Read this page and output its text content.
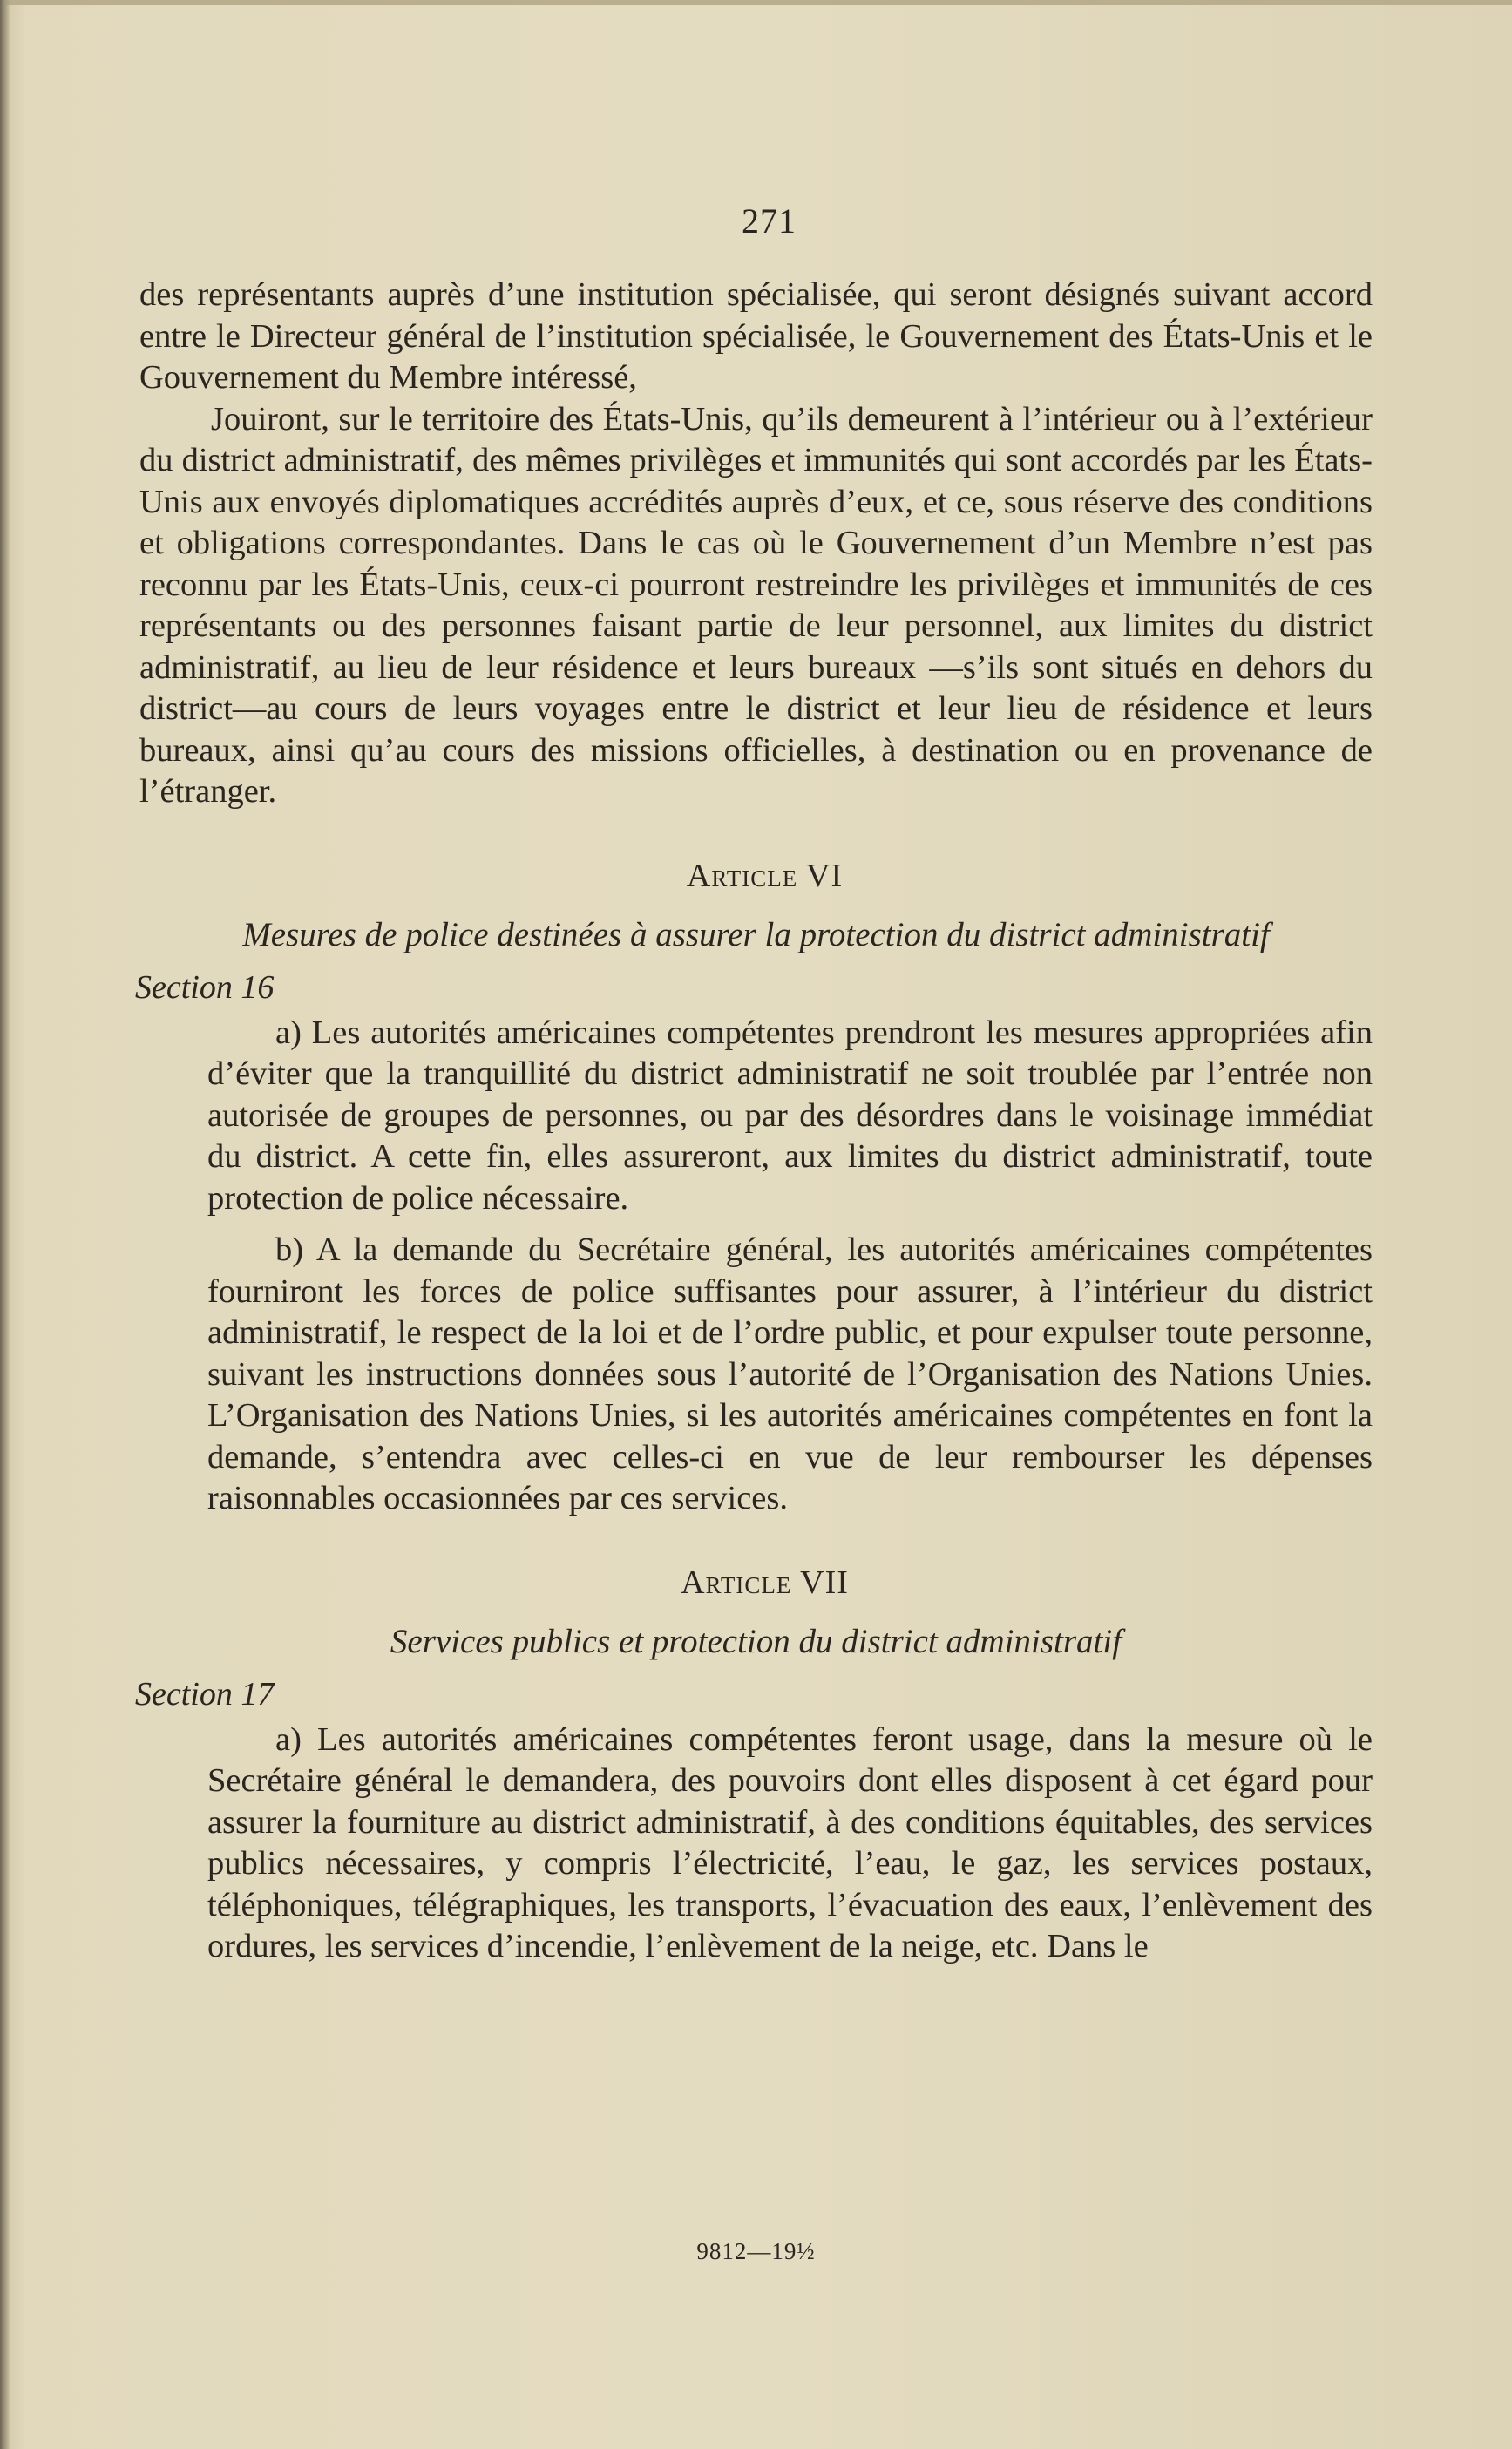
271

des représentants auprès d’une institution spécialisée, qui seront désignés suivant accord entre le Directeur général de l’institution spécialisée, le Gouvernement des États-Unis et le Gouvernement du Membre intéressé,

Jouiront, sur le territoire des États-Unis, qu’ils demeurent à l’intérieur ou à l’extérieur du district administratif, des mêmes privilèges et immunités qui sont accordés par les États-Unis aux envoyés diplomatiques accrédités auprès d’eux, et ce, sous réserve des conditions et obligations correspondantes. Dans le cas où le Gouvernement d’un Membre n’est pas reconnu par les États-Unis, ceux-ci pourront restreindre les privilèges et immunités de ces représentants ou des personnes faisant partie de leur personnel, aux limites du district administratif, au lieu de leur résidence et leurs bureaux —s’ils sont situés en dehors du district—au cours de leurs voyages entre le district et leur lieu de résidence et leurs bureaux, ainsi qu’au cours des missions officielles, à destination ou en provenance de l’étranger.

Article VI
Mesures de police destinées à assurer la protection du district administratif
Section 16

a) Les autorités américaines compétentes prendront les mesures appropriées afin d’éviter que la tranquillité du district administratif ne soit troublée par l’entrée non autorisée de groupes de personnes, ou par des désordres dans le voisinage immédiat du district. A cette fin, elles assureront, aux limites du district administratif, toute protection de police nécessaire.

b) A la demande du Secrétaire général, les autorités américaines compétentes fourniront les forces de police suffisantes pour assurer, à l’intérieur du district administratif, le respect de la loi et de l’ordre public, et pour expulser toute personne, suivant les instructions données sous l’autorité de l’Organisation des Nations Unies. L’Organisation des Nations Unies, si les autorités américaines compétentes en font la demande, s’entendra avec celles-ci en vue de leur rembourser les dépenses raisonnables occasionnées par ces services.

Article VII
Services publics et protection du district administratif
Section 17

a) Les autorités américaines compétentes feront usage, dans la mesure où le Secrétaire général le demandera, des pouvoirs dont elles disposent à cet égard pour assurer la fourniture au district administratif, à des conditions équitables, des services publics nécessaires, y compris l’électricité, l’eau, le gaz, les services postaux, téléphoniques, télégraphiques, les transports, l’évacuation des eaux, l’enlèvement des ordures, les services d’incendie, l’enlèvement de la neige, etc. Dans le

9812—19½
